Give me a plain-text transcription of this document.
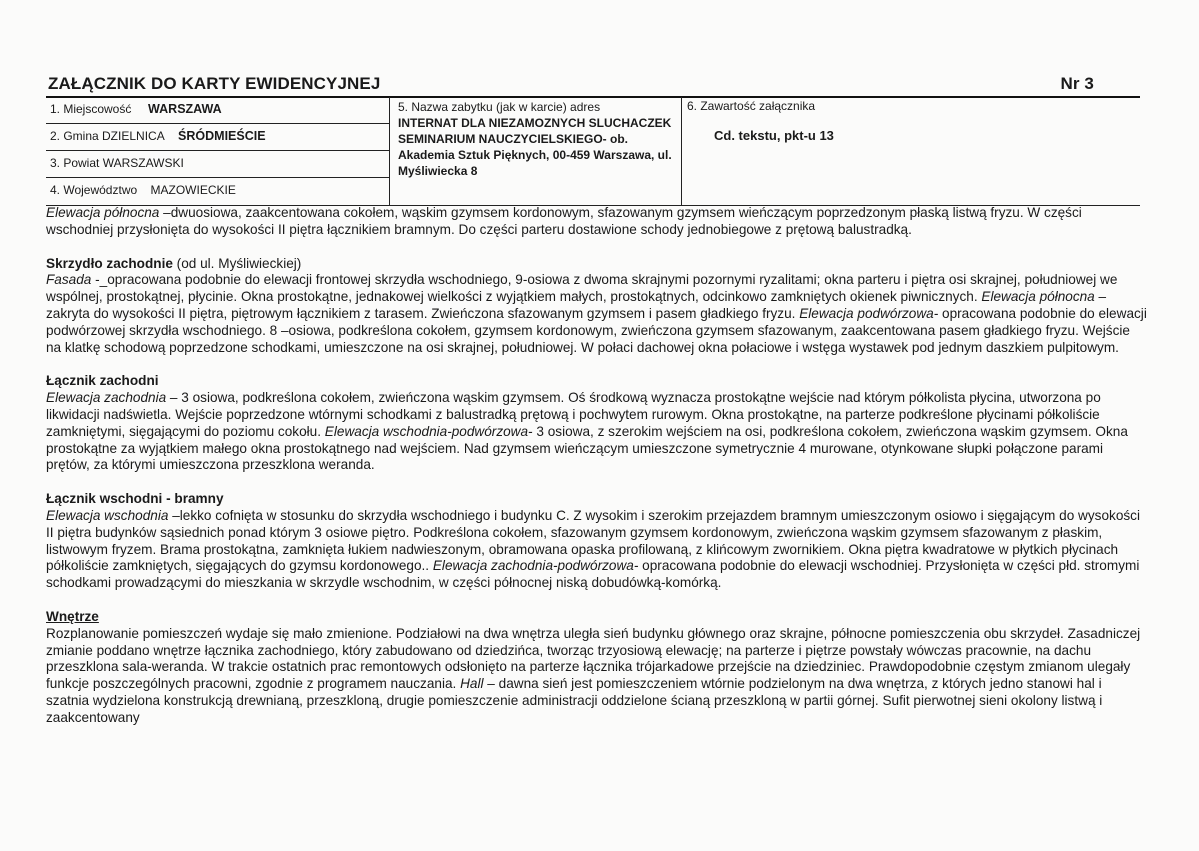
ZAŁĄCZNIK DO KARTY EWIDENCYJNEJ	Nr 3
1. Miejscowość WARSZAWA
2. Gmina DZIELNICA ŚRÓDMIEŚCIE
3. Powiat WARSZAWSKI
4. Województwo MAZOWIECKIE
5. Nazwa zabytku (jak w karcie) adres
INTERNAT DLA NIEZAMOZNYCH SLUCHACZEK SEMINARIUM NAUCZYCIELSKIEGO- ob. Akademia Sztuk Pięknych, 00-459 Warszawa, ul. Myśliwiecka 8
6. Zawartość załącznika
Cd. tekstu, pkt-u 13

Elewacja północna –dwuosiowa, zaakcentowana cokołem, wąskim gzymsem kordonowym, sfazowanym gzymsem wieńczącym poprzedzonym płaską listwą fryzu. W części wschodniej przysłonięta do wysokości II piętra łącznikiem bramnym. Do części parteru dostawione schody jednobiegowe z prętową balustradką.

Skrzydło zachodnie (od ul. Myśliwieckiej)

Fasada -_opracowana podobnie do elewacji frontowej skrzydła wschodniego, 9-osiowa z dwoma skrajnymi pozornymi ryzalitami; okna parteru i piętra osi skrajnej, południowej we wspólnej, prostokątnej, płycinie. Okna prostokątne, jednakowej wielkości z wyjątkiem małych, prostokątnych, odcinkowo zamkniętych okienek piwnicznych. Elewacja północna –zakryta do wysokości II piętra, piętrowym łącznikiem z tarasem. Zwieńczona sfazowanym gzymsem i pasem gładkiego fryzu. Elewacja podwórzowa- opracowana podobnie do elewacji podwórzowej skrzydła wschodniego. 8 –osiowa, podkreślona cokołem, gzymsem kordonowym, zwieńczona gzymsem sfazowanym, zaakcentowana pasem gładkiego fryzu. Wejście na klatkę schodową poprzedzone schodkami, umieszczone na osi skrajnej, południowej. W połaci dachowej okna połaciowe i wstęga wystawek pod jednym daszkiem pulpitowym.

Łącznik zachodni

Elewacja zachodnia – 3 osiowa, podkreślona cokołem, zwieńczona wąskim gzymsem. Oś środkową wyznacza prostokątne wejście nad którym półkolista płycina, utworzona po likwidacji nadświetla. Wejście poprzedzone wtórnymi schodkami z balustradką prętową i pochwytem rurowym. Okna prostokątne, na parterze podkreślone płycinami półkoliście zamkniętymi, sięgającymi do poziomu cokołu. Elewacja wschodnia-podwórzowa- 3 osiowa, z szerokim wejściem na osi, podkreślona cokołem, zwieńczona wąskim gzymsem. Okna prostokątne za wyjątkiem małego okna prostokątnego nad wejściem. Nad gzymsem wieńczącym umieszczone symetrycznie 4 murowane, otynkowane słupki połączone parami prętów, za którymi umieszczona przeszklona weranda.

Łącznik wschodni - bramny

Elewacja wschodnia –lekko cofnięta w stosunku do skrzydła wschodniego i budynku C. Z wysokim i szerokim przejazdem bramnym umieszczonym osiowo i sięgającym do wysokości II piętra budynków sąsiednich ponad którym 3 osiowe piętro. Podkreślona cokołem, sfazowanym gzymsem kordonowym, zwieńczona wąskim gzymsem sfazowanym z płaskim, listwowym fryzem. Brama prostokątna, zamknięta łukiem nadwieszonym, obramowana opaska profilowaną, z klińcowym zwornikiem. Okna piętra kwadratowe w płytkich płycinach półkoliście zamkniętych, sięgających do gzymsu kordonowego.. Elewacja zachodnia-podwórzowa- opracowana podobnie do elewacji wschodniej. Przysłonięta w części płd. stromymi schodkami prowadzącymi do mieszkania w skrzydle wschodnim, w części północnej niską dobudówką-komórką.

Wnętrze

Rozplanowanie pomieszczeń wydaje się mało zmienione. Podziałowi na dwa wnętrza uległa sień budynku głównego oraz skrajne, północne pomieszczenia obu skrzydeł. Zasadniczej zmianie poddano wnętrze łącznika zachodniego, który zabudowano od dziedzińca, tworząc trzyosiową elewację; na parterze i piętrze powstały wówczas pracownie, na dachu przeszklona sala-weranda. W trakcie ostatnich prac remontowych odsłonięto na parterze łącznika trójarkadowe przejście na dziedziniec. Prawdopodobnie częstym zmianom ulegały funkcje poszczególnych pracowni, zgodnie z programem nauczania. Hall – dawna sień jest pomieszczeniem wtórnie podzielonym na dwa wnętrza, z których jedno stanowi hal i szatnia wydzielona konstrukcją drewnianą, przeszkloną, drugie pomieszczenie administracji oddzielone ścianą przeszkloną w partii górnej. Sufit pierwotnej sieni okolony listwą i zaakcentowany
